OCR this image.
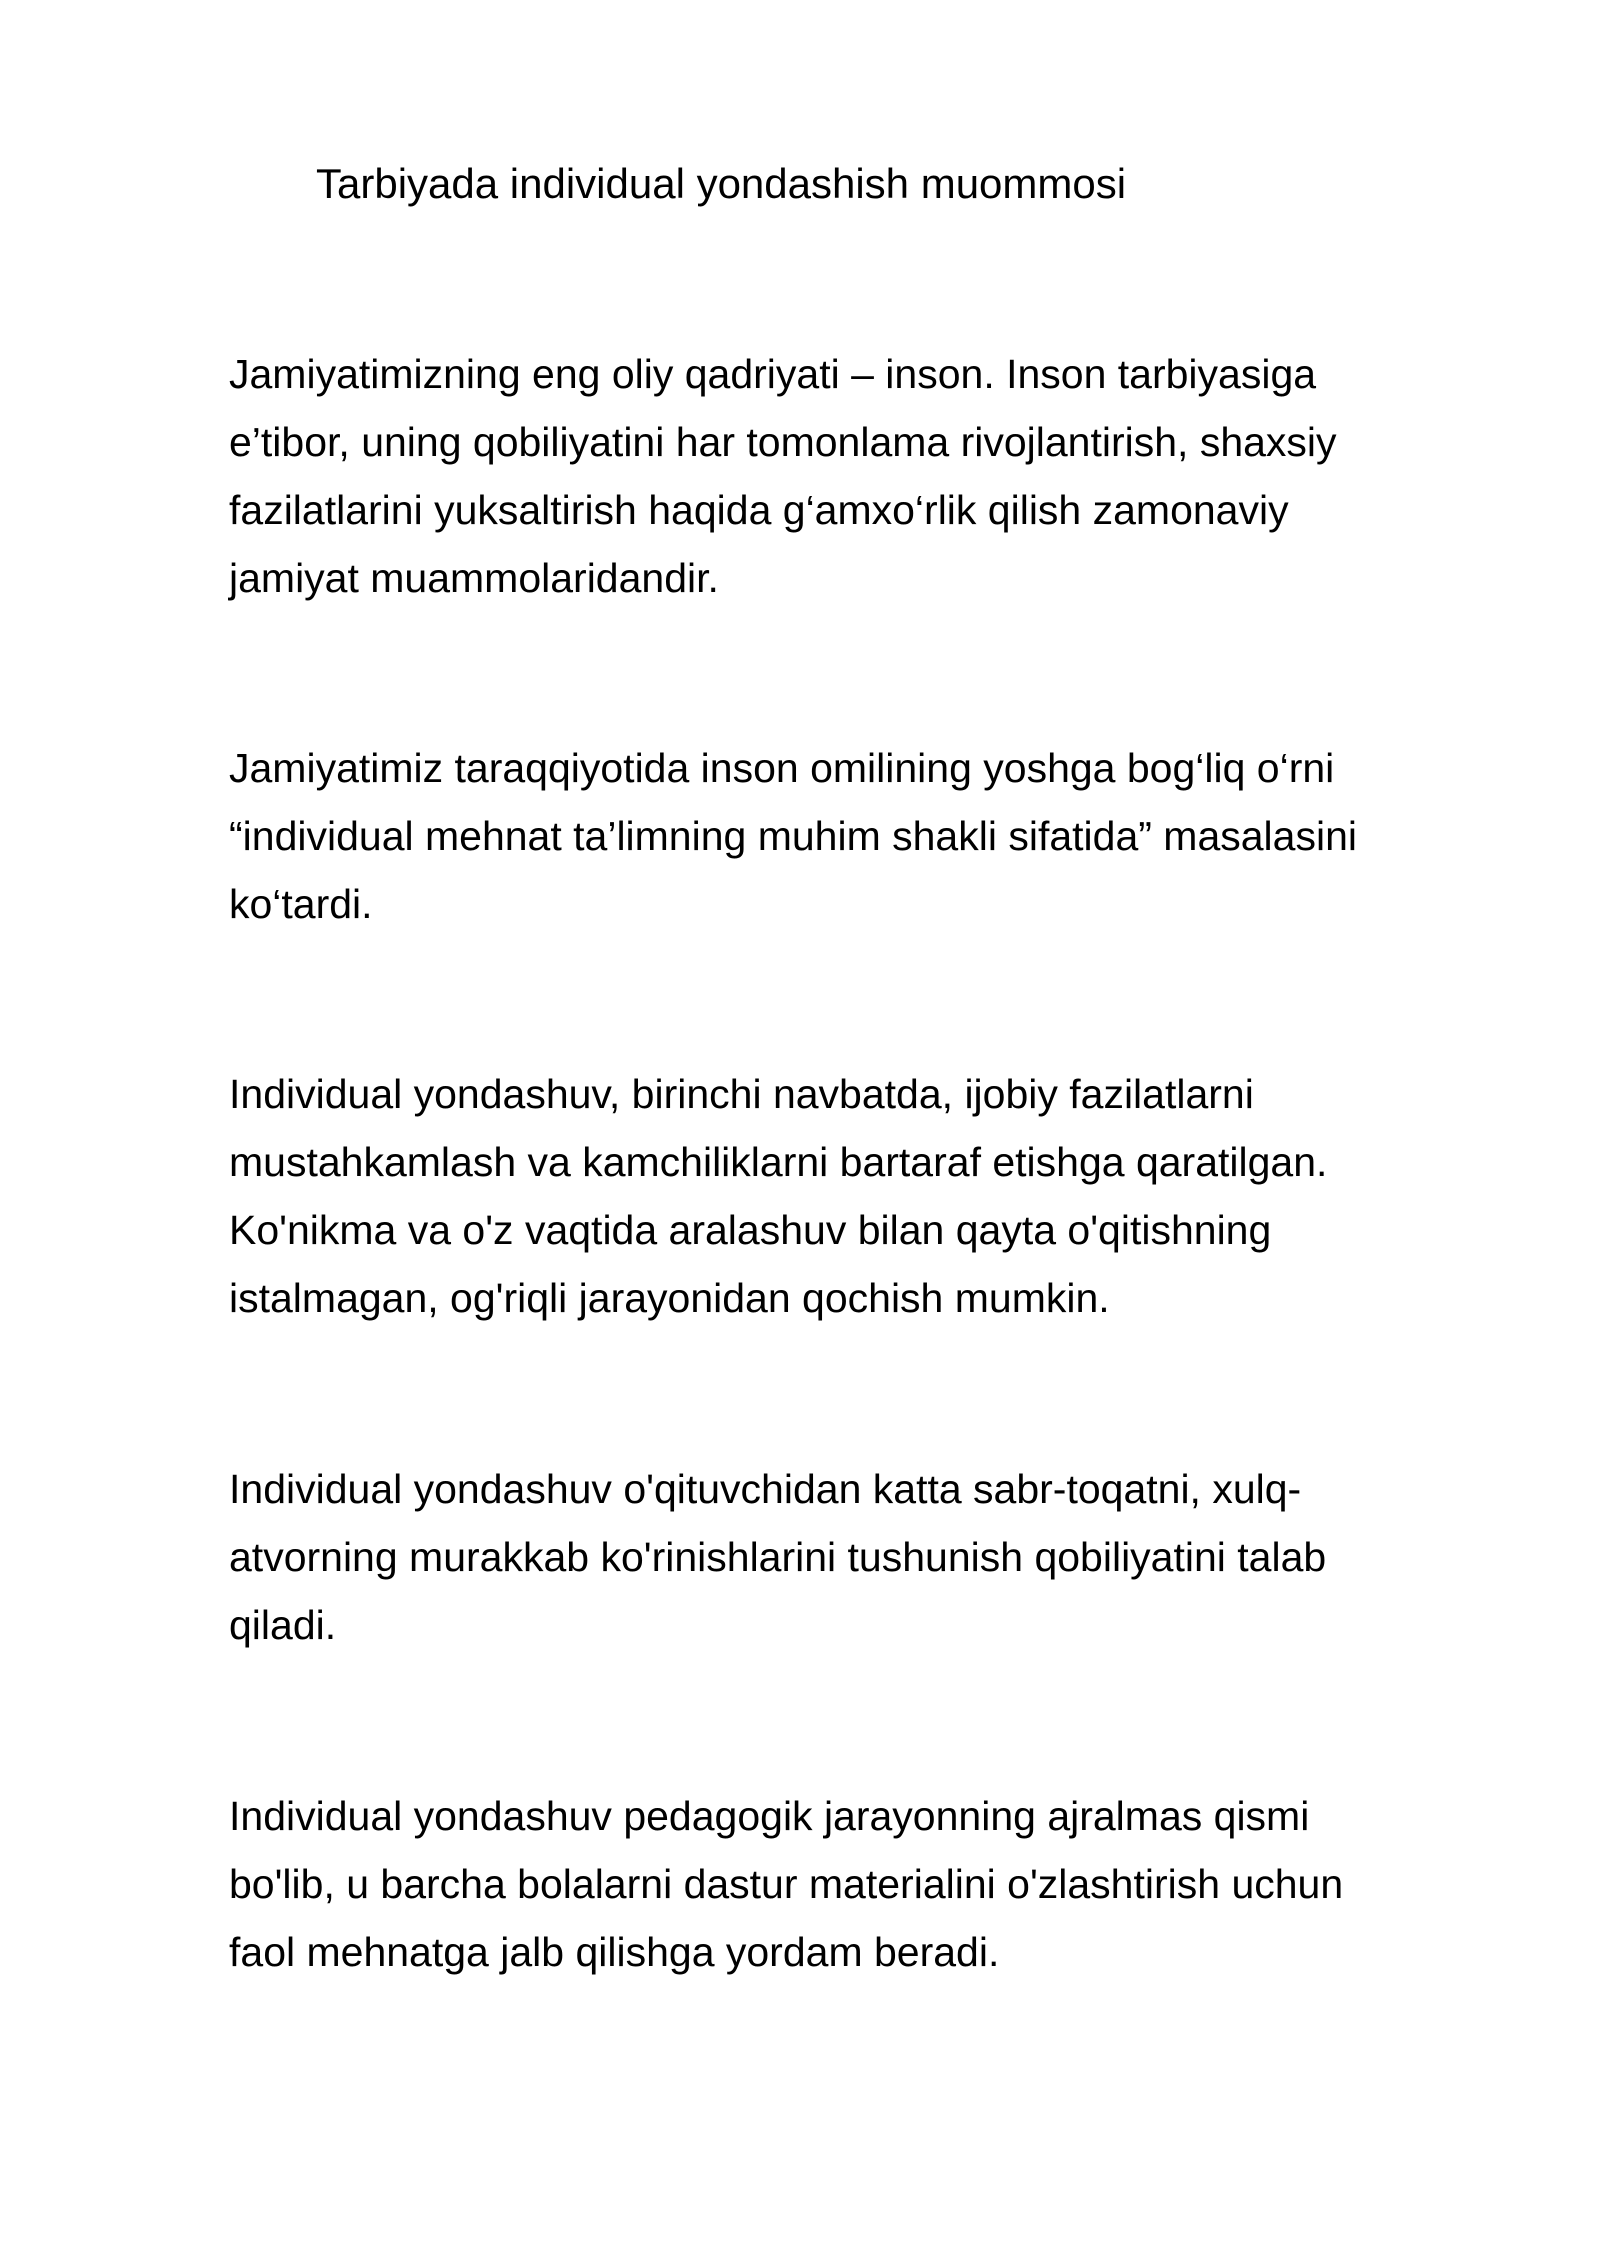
Tarbiyada individual yondashish muommosi

Jamiyatimizning eng oliy qadriyati – inson. Inson tarbiyasiga
e’tibor, uning qobiliyatini har tomonlama rivojlantirish, shaxsiy
fazilatlarini yuksaltirish haqida g‘amxo‘rlik qilish zamonaviy
jamiyat muammolaridandir.

Jamiyatimiz taraqqiyotida inson omilining yoshga bog‘liq o‘rni
“individual mehnat ta’limning muhim shakli sifatida” masalasini
ko‘tardi.

Individual yondashuv, birinchi navbatda, ijobiy fazilatlarni
mustahkamlash va kamchiliklarni bartaraf etishga qaratilgan.
Ko'nikma va o'z vaqtida aralashuv bilan qayta o'qitishning
istalmagan, og'riqli jarayonidan qochish mumkin.

Individual yondashuv o'qituvchidan katta sabr-toqatni, xulq-
atvorning murakkab ko'rinishlarini tushunish qobiliyatini talab
qiladi.

Individual yondashuv pedagogik jarayonning ajralmas qismi
bo'lib, u barcha bolalarni dastur materialini o'zlashtirish uchun
faol mehnatga jalb qilishga yordam beradi.
